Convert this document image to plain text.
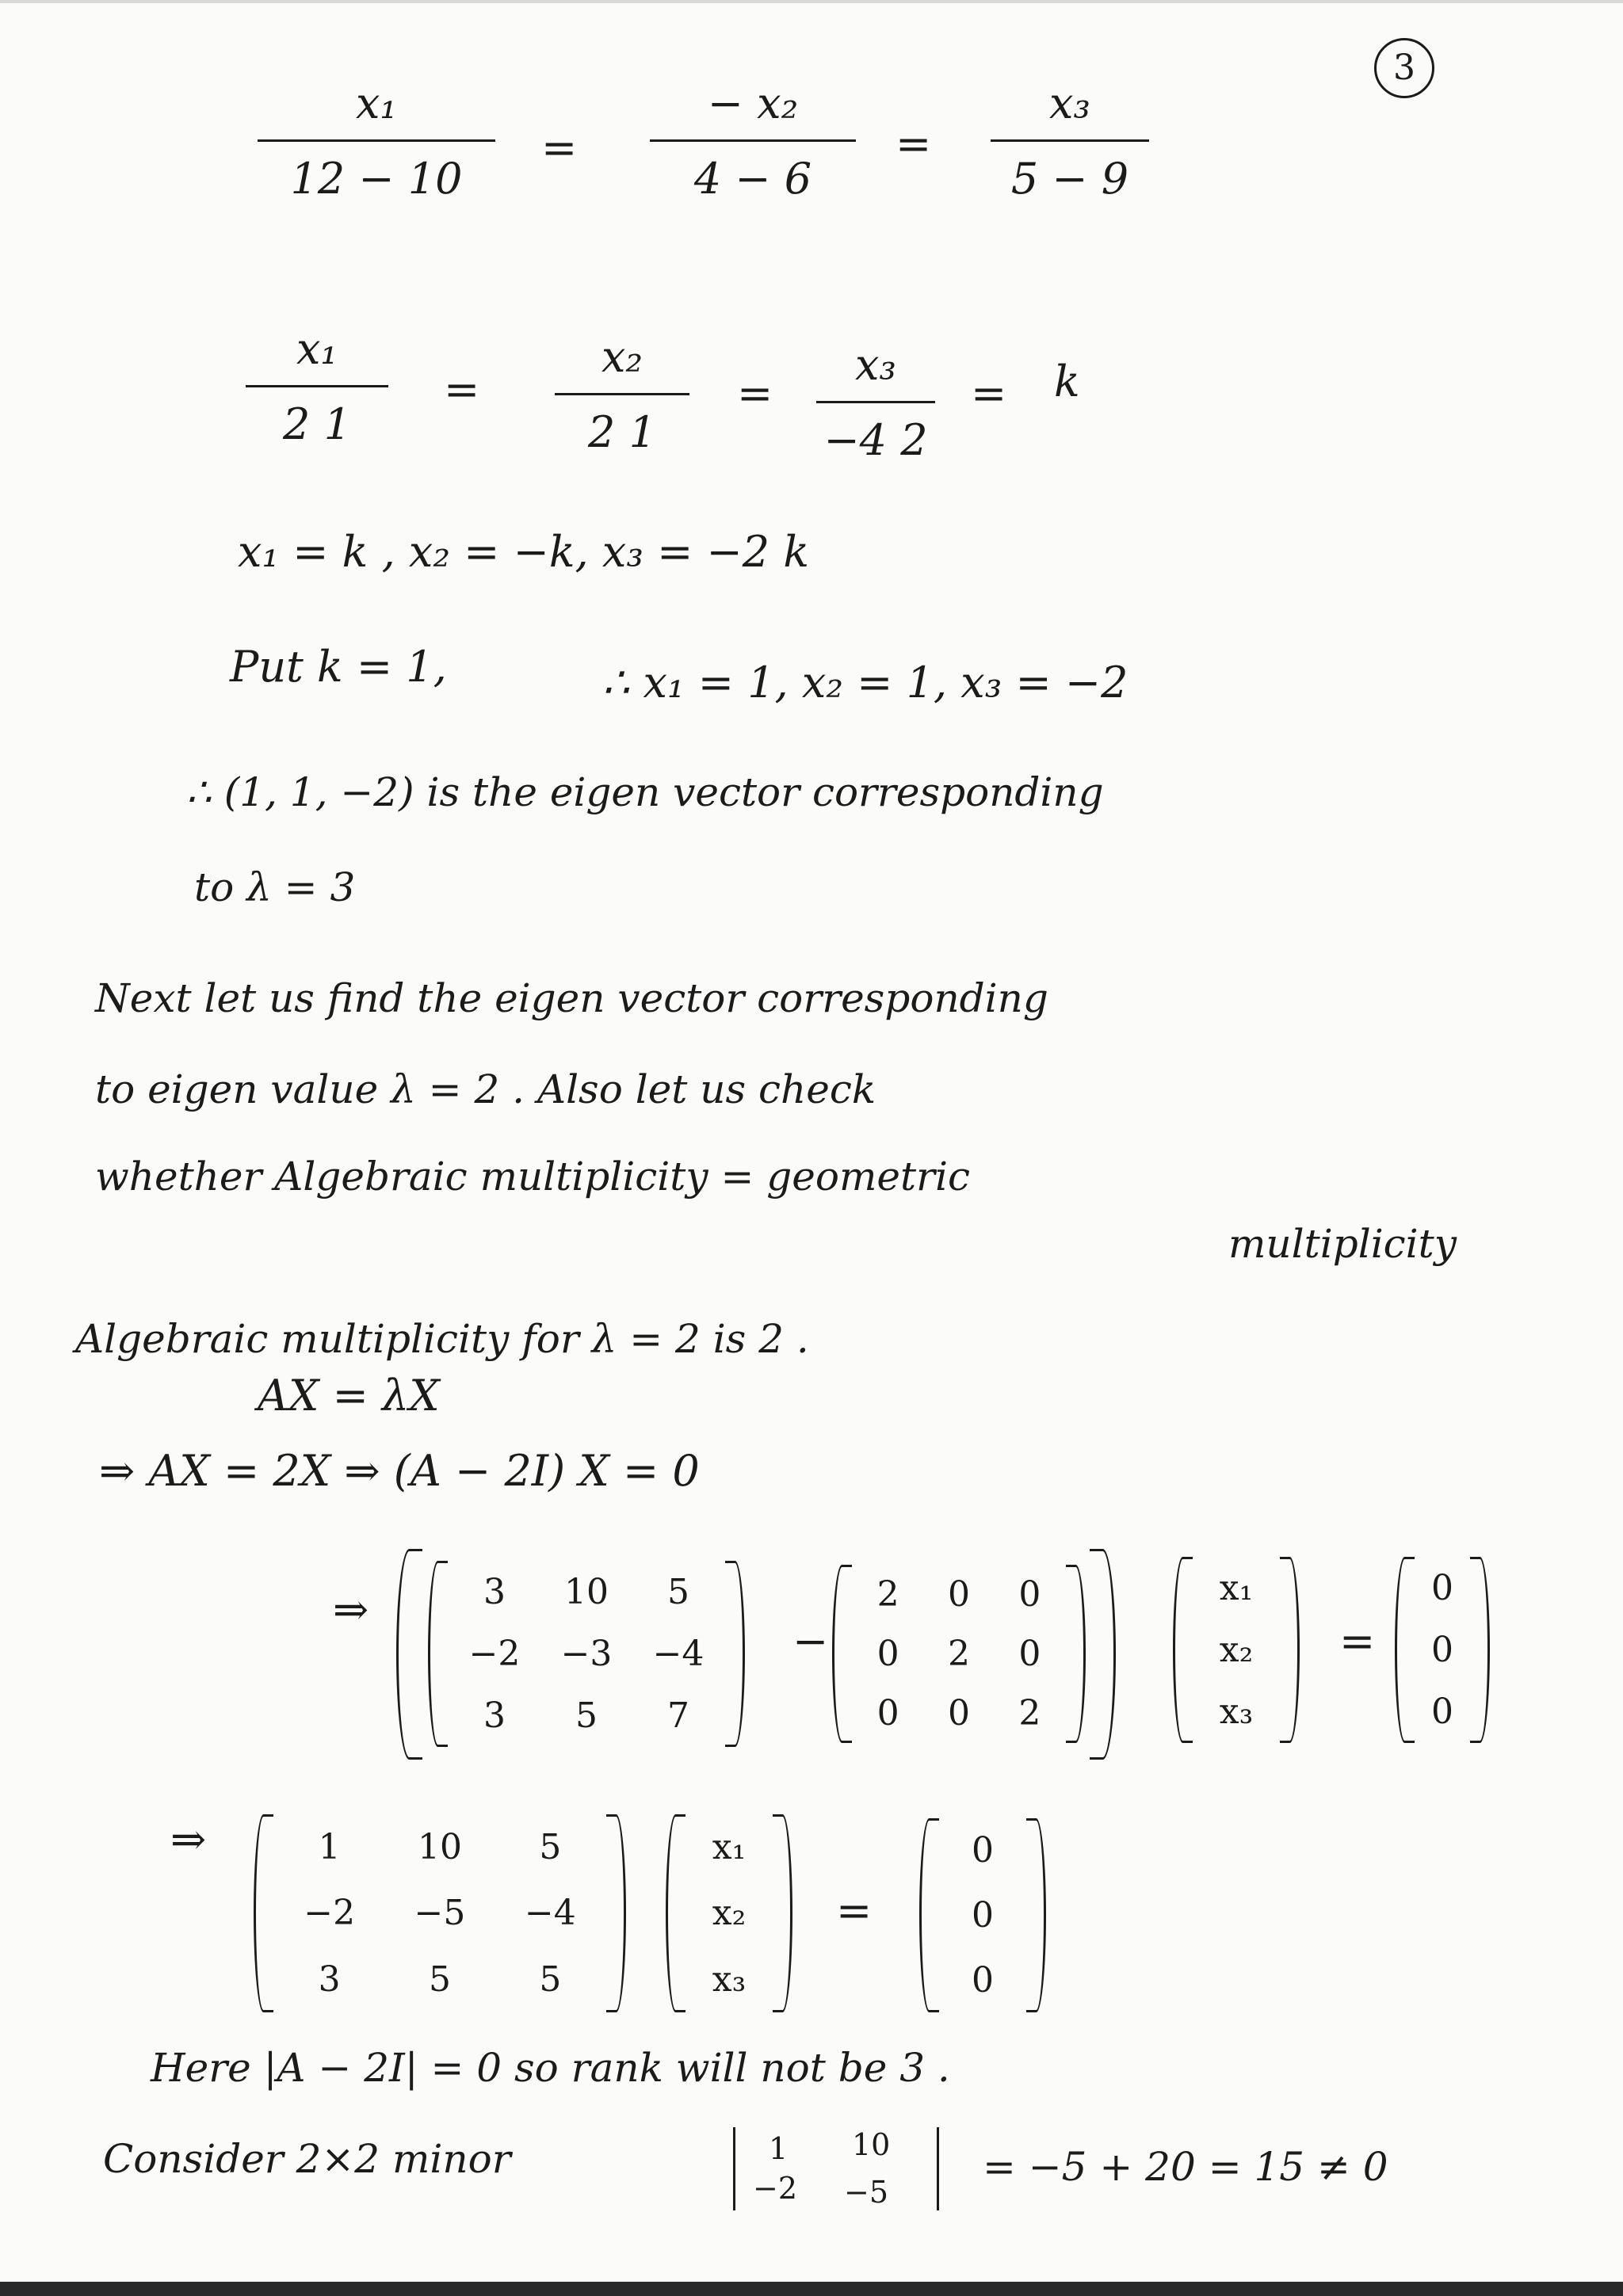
3
x₁
12 − 10
=
− x₂
4 − 6
=
x₃
5 − 9
x₁
2 1
=
x₂
2 1
=
x₃
−4 2
= k
x₁ = k , x₂ = −k, x₃ = −2 k
Put k = 1,	∴ x₁ = 1, x₂ = 1, x₃ = −2
∴ (1, 1, −2) is the eigen vector corresponding
to λ = 3
Next let us find the eigen vector corresponding
to eigen value λ = 2 . Also let us check
whether Algebraic multiplicity = geometric
multiplicity
Algebraic multiplicity for λ = 2 is 2 .
AX = λX
⇒ AX = 2X ⇒ (A − 2I) X = 0
⇒	3 10 5
−2 −3 −4
3 5 7
−
2 0 0
0 2 0
0 0 2
x₁
x₂
x₃
=
0
0
0
⇒	1 10 5
−2 −5 −4
3	5	5
x₁
x₂
x₃
=
0
0
0
Here |A − 2I| = 0 so rank will not be 3 .
Consider 2×2 minor	1 10
−2 −5
= −5 + 20 = 15 ≠ 0
